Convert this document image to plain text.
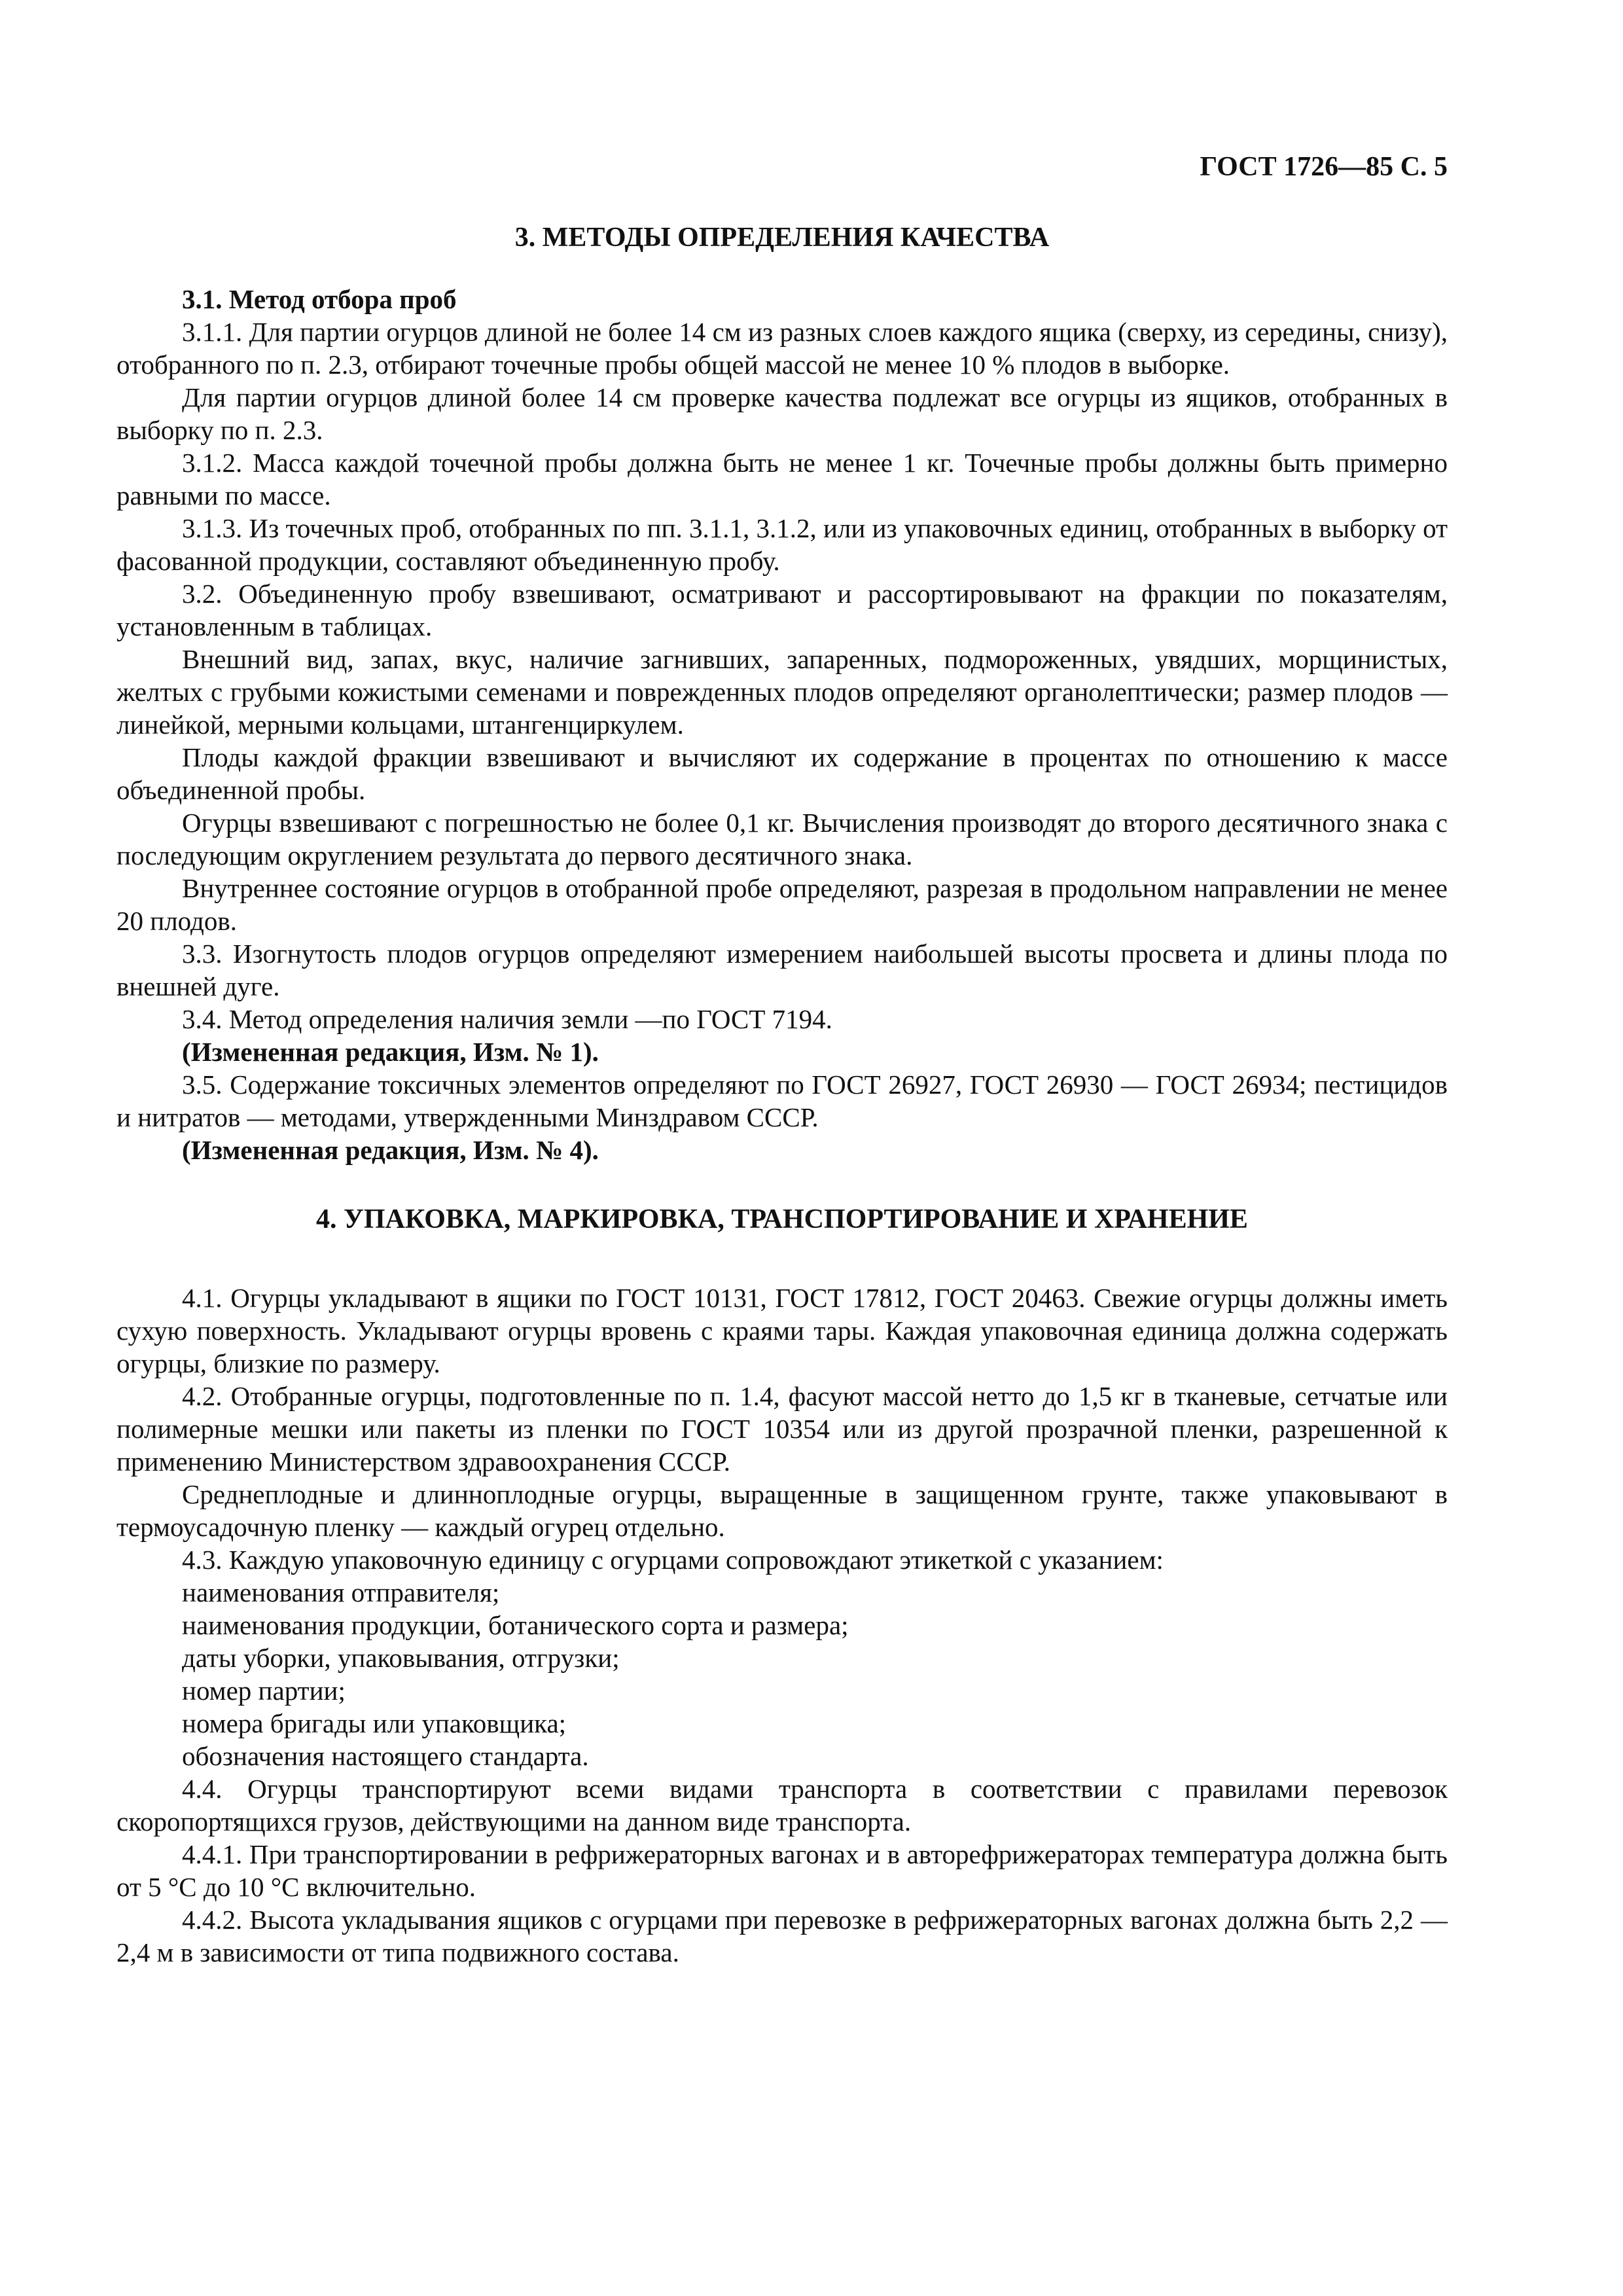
ГОСТ 1726—85 С. 5
3. МЕТОДЫ ОПРЕДЕЛЕНИЯ КАЧЕСТВА

3.1. Метод отбора проб

3.1.1. Для партии огурцов длиной не более 14 см из разных слоев каждого ящика (сверху, из середины, снизу), отобранного по п. 2.3, отбирают точечные пробы общей массой не менее 10 % плодов в выборке.

Для партии огурцов длиной более 14 см проверке качества подлежат все огурцы из ящиков, отобранных в выборку по п. 2.3.

3.1.2. Масса каждой точечной пробы должна быть не менее 1 кг. Точечные пробы должны быть примерно равными по массе.

3.1.3. Из точечных проб, отобранных по пп. 3.1.1, 3.1.2, или из упаковочных единиц, отобранных в выборку от фасованной продукции, составляют объединенную пробу.

3.2. Объединенную пробу взвешивают, осматривают и рассортировывают на фракции по показателям, установленным в таблицах.

Внешний вид, запах, вкус, наличие загнивших, запаренных, подмороженных, увядших, морщинистых, желтых с грубыми кожистыми семенами и поврежденных плодов определяют органолептически; размер плодов — линейкой, мерными кольцами, штангенциркулем.

Плоды каждой фракции взвешивают и вычисляют их содержание в процентах по отношению к массе объединенной пробы.

Огурцы взвешивают с погрешностью не более 0,1 кг. Вычисления производят до второго десятичного знака с последующим округлением результата до первого десятичного знака.

Внутреннее состояние огурцов в отобранной пробе определяют, разрезая в продольном направлении не менее 20 плодов.

3.3. Изогнутость плодов огурцов определяют измерением наибольшей высоты просвета и длины плода по внешней дуге.

3.4. Метод определения наличия земли —по ГОСТ 7194.

(Измененная редакция, Изм. № 1).

3.5. Содержание токсичных элементов определяют по ГОСТ 26927, ГОСТ 26930 — ГОСТ 26934; пестицидов и нитратов — методами, утвержденными Минздравом СССР.

(Измененная редакция, Изм. № 4).

4. УПАКОВКА, МАРКИРОВКА, ТРАНСПОРТИРОВАНИЕ И ХРАНЕНИЕ

4.1. Огурцы укладывают в ящики по ГОСТ 10131, ГОСТ 17812, ГОСТ 20463. Свежие огурцы должны иметь сухую поверхность. Укладывают огурцы вровень с краями тары. Каждая упаковочная единица должна содержать огурцы, близкие по размеру.

4.2. Отобранные огурцы, подготовленные по п. 1.4, фасуют массой нетто до 1,5 кг в тканевые, сетчатые или полимерные мешки или пакеты из пленки по ГОСТ 10354 или из другой прозрачной пленки, разрешенной к применению Министерством здравоохранения СССР.

Среднеплодные и длинноплодные огурцы, выращенные в защищенном грунте, также упаковывают в термоусадочную пленку — каждый огурец отдельно.

4.3. Каждую упаковочную единицу с огурцами сопровождают этикеткой с указанием:

наименования отправителя;

наименования продукции, ботанического сорта и размера;

даты уборки, упаковывания, отгрузки;

номер партии;

номера бригады или упаковщика;

обозначения настоящего стандарта.

4.4. Огурцы транспортируют всеми видами транспорта в соответствии с правилами перевозок скоропортящихся грузов, действующими на данном виде транспорта.

4.4.1. При транспортировании в рефрижераторных вагонах и в авторефрижераторах температура должна быть от 5 °С до 10 °С включительно.

4.4.2. Высота укладывания ящиков с огурцами при перевозке в рефрижераторных вагонах должна быть 2,2 — 2,4 м в зависимости от типа подвижного состава.
